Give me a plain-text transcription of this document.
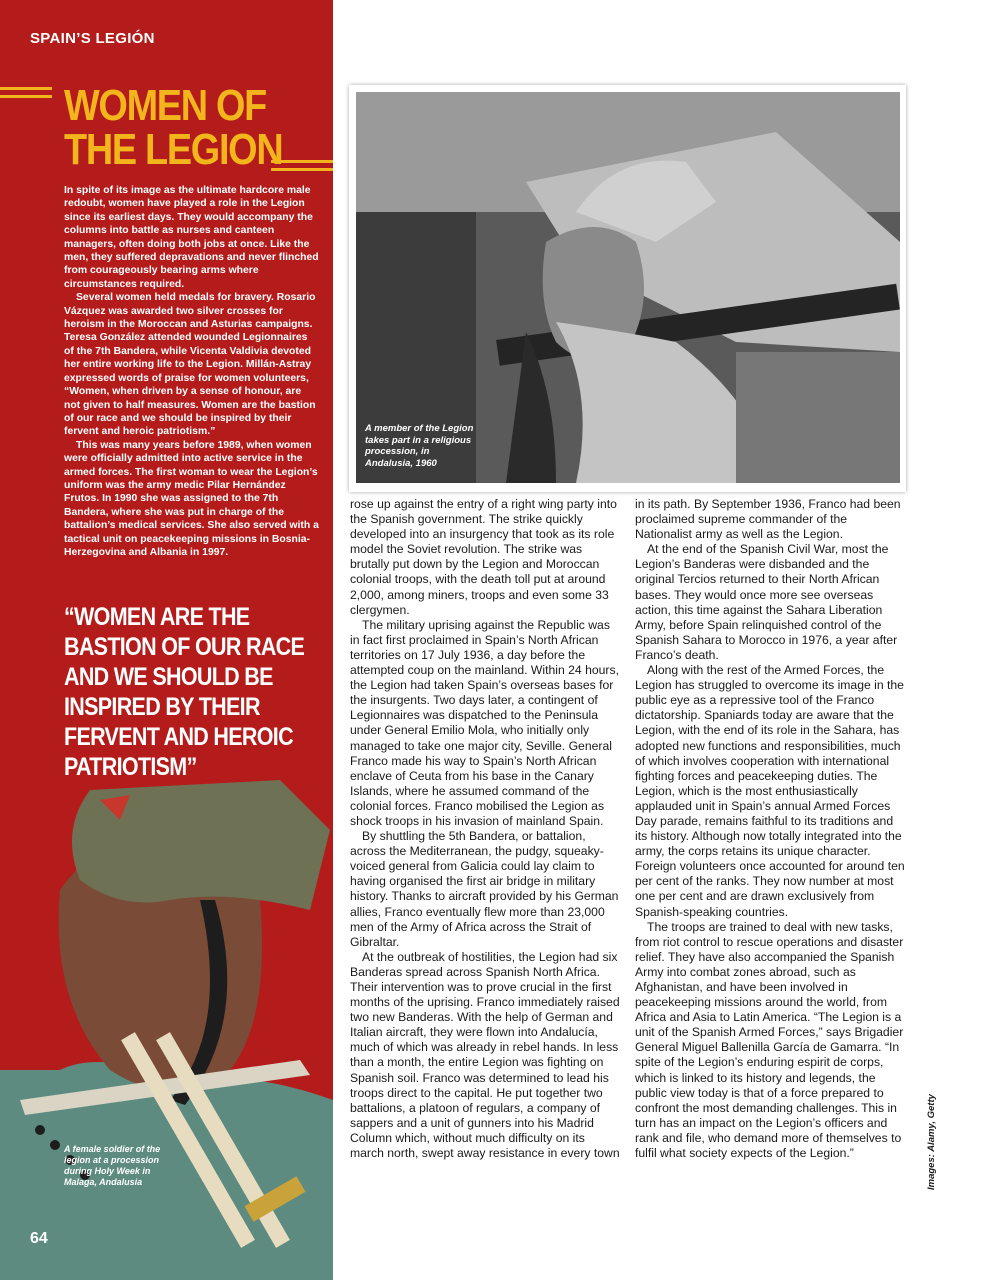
SPAIN’S LEGIÓN
WOMEN OF
THE LEGION

In spite of its image as the ultimate hardcore male redoubt, women have played a role in the Legion since its earliest days. They would accompany the columns into battle as nurses and canteen managers, often doing both jobs at once. Like the men, they suffered depravations and never flinched from courageously bearing arms where circumstances required.

Several women held medals for bravery. Rosario Vázquez was awarded two silver crosses for heroism in the Moroccan and Asturias campaigns. Teresa González attended wounded Legionnaires of the 7th Bandera, while Vicenta Valdivia devoted her entire working life to the Legion. Millán-Astray expressed words of praise for women volunteers, “Women, when driven by a sense of honour, are not given to half measures. Women are the bastion of our race and we should be inspired by their fervent and heroic patriotism.”

This was many years before 1989, when women were officially admitted into active service in the armed forces. The first woman to wear the Legion’s uniform was the army medic Pilar Hernández Frutos. In 1990 she was assigned to the 7th Bandera, where she was put in charge of the battalion’s medical services. She also served with a tactical unit on peacekeeping missions in Bosnia-Herzegovina and Albania in 1997.

“WOMEN ARE THE BASTION OF OUR RACE AND WE SHOULD BE INSPIRED BY THEIR FERVENT AND HEROIC PATRIOTISM”
A female soldier of the legion at a procession during Holy Week in Malaga, Andalusia
64
A member of the Legion takes part in a religious procession, in Andalusia, 1960

rose up against the entry of a right wing party into the Spanish government. The strike quickly developed into an insurgency that took as its role model the Soviet revolution. The strike was brutally put down by the Legion and Moroccan colonial troops, with the death toll put at around 2,000, among miners, troops and even some 33 clergymen.

The military uprising against the Republic was in fact first proclaimed in Spain’s North African territories on 17 July 1936, a day before the attempted coup on the mainland. Within 24 hours, the Legion had taken Spain’s overseas bases for the insurgents. Two days later, a contingent of Legionnaires was dispatched to the Peninsula under General Emilio Mola, who initially only managed to take one major city, Seville. General Franco made his way to Spain’s North African enclave of Ceuta from his base in the Canary Islands, where he assumed command of the colonial forces. Franco mobilised the Legion as shock troops in his invasion of mainland Spain.

By shuttling the 5th Bandera, or battalion, across the Mediterranean, the pudgy, squeaky-voiced general from Galicia could lay claim to having organised the first air bridge in military history. Thanks to aircraft provided by his German allies, Franco eventually flew more than 23,000 men of the Army of Africa across the Strait of Gibraltar.

At the outbreak of hostilities, the Legion had six Banderas spread across Spanish North Africa. Their intervention was to prove crucial in the first months of the uprising. Franco immediately raised two new Banderas. With the help of German and Italian aircraft, they were flown into Andalucía, much of which was already in rebel hands. In less than a month, the entire Legion was fighting on Spanish soil. Franco was determined to lead his troops direct to the capital. He put together two battalions, a platoon of regulars, a company of sappers and a unit of gunners into his Madrid Column which, without much difficulty on its march north, swept away resistance in every town

in its path. By September 1936, Franco had been proclaimed supreme commander of the Nationalist army as well as the Legion.

At the end of the Spanish Civil War, most the Legion’s Banderas were disbanded and the original Tercios returned to their North African bases. They would once more see overseas action, this time against the Sahara Liberation Army, before Spain relinquished control of the Spanish Sahara to Morocco in 1976, a year after Franco’s death.

Along with the rest of the Armed Forces, the Legion has struggled to overcome its image in the public eye as a repressive tool of the Franco dictatorship. Spaniards today are aware that the Legion, with the end of its role in the Sahara, has adopted new functions and responsibilities, much of which involves cooperation with international fighting forces and peacekeeping duties. The Legion, which is the most enthusiastically applauded unit in Spain’s annual Armed Forces Day parade, remains faithful to its traditions and its history. Although now totally integrated into the army, the corps retains its unique character. Foreign volunteers once accounted for around ten per cent of the ranks. They now number at most one per cent and are drawn exclusively from Spanish-speaking countries.

The troops are trained to deal with new tasks, from riot control to rescue operations and disaster relief. They have also accompanied the Spanish Army into combat zones abroad, such as Afghanistan, and have been involved in peacekeeping missions around the world, from Africa and Asia to Latin America. “The Legion is a unit of the Spanish Armed Forces,” says Brigadier General Miguel Ballenilla García de Gamarra. “In spite of the Legion’s enduring espirit de corps, which is linked to its history and legends, the public view today is that of a force prepared to confront the most demanding challenges. This in turn has an impact on the Legion’s officers and rank and file, who demand more of themselves to fulfil what society expects of the Legion.”	Images: Alamy, Getty
